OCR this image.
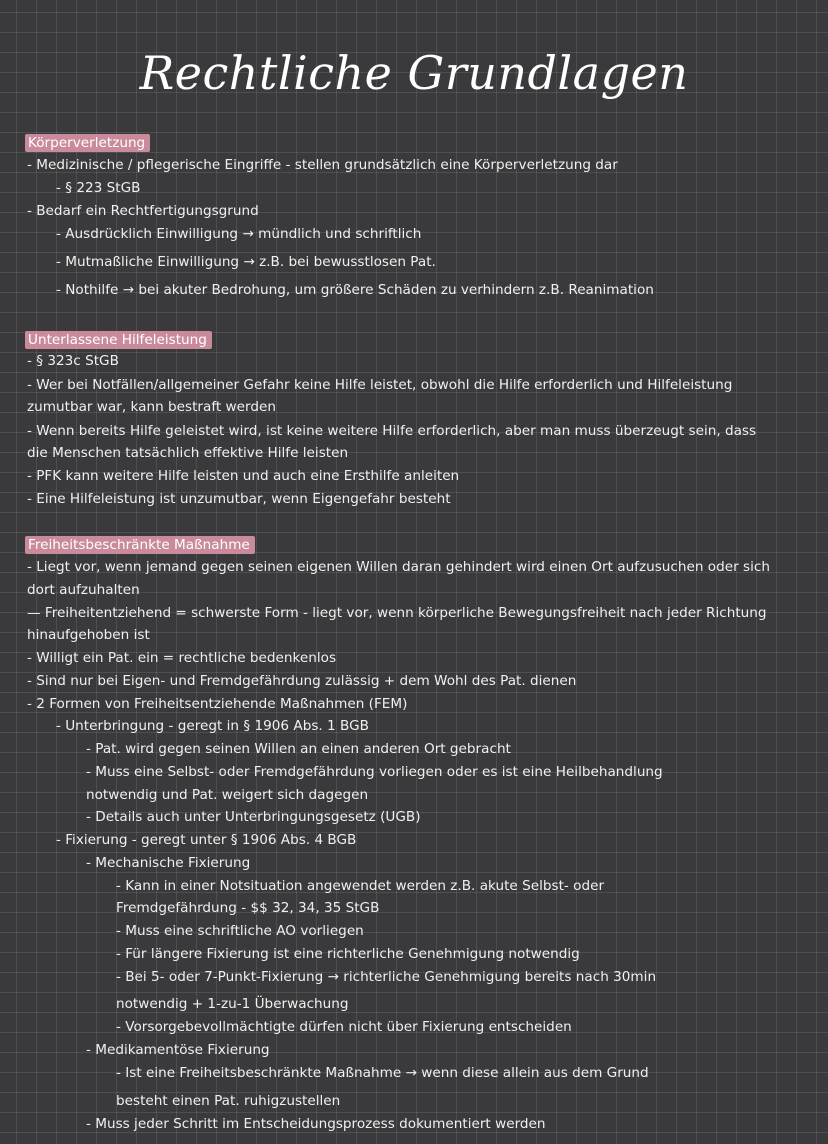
Rechtliche Grundlagen
Körperverletzung
- Medizinische / pflegerische Eingriffe - stellen grundsätzlich eine Körperverletzung dar
- § 223 StGB
- Bedarf ein Rechtfertigungsgrund
- Ausdrücklich Einwilligung → mündlich und schriftlich
- Mutmaßliche Einwilligung → z.B. bei bewusstlosen Pat.
- Nothilfe → bei akuter Bedrohung, um größere Schäden zu verhindern z.B. Reanimation
Unterlassene Hilfeleistung
- § 323c StGB
- Wer bei Notfällen/allgemeiner Gefahr keine Hilfe leistet, obwohl die Hilfe erforderlich und Hilfeleistung
zumutbar war, kann bestraft werden
- Wenn bereits Hilfe geleistet wird, ist keine weitere Hilfe erforderlich, aber man muss überzeugt sein, dass
die Menschen tatsächlich effektive Hilfe leisten
- PFK kann weitere Hilfe leisten und auch eine Ersthilfe anleiten
- Eine Hilfeleistung ist unzumutbar, wenn Eigengefahr besteht
Freiheitsbeschränkte Maßnahme
- Liegt vor, wenn jemand gegen seinen eigenen Willen daran gehindert wird einen Ort aufzusuchen oder sich
dort aufzuhalten
— Freiheitentziehend = schwerste Form - liegt vor, wenn körperliche Bewegungsfreiheit nach jeder Richtung
hinaufgehoben ist
- Willigt ein Pat. ein = rechtliche bedenkenlos
- Sind nur bei Eigen- und Fremdgefährdung zulässig + dem Wohl des Pat. dienen
- 2 Formen von Freiheitsentziehende Maßnahmen (FEM)
- Unterbringung - geregt in § 1906 Abs. 1 BGB
- Pat. wird gegen seinen Willen an einen anderen Ort gebracht
- Muss eine Selbst- oder Fremdgefährdung vorliegen oder es ist eine Heilbehandlung
notwendig und Pat. weigert sich dagegen
- Details auch unter Unterbringungsgesetz (UGB)
- Fixierung - geregt unter § 1906 Abs. 4 BGB
- Mechanische Fixierung
- Kann in einer Notsituation angewendet werden z.B. akute Selbst- oder
Fremdgefährdung - $$ 32, 34, 35 StGB
- Muss eine schriftliche AO vorliegen
- Für längere Fixierung ist eine richterliche Genehmigung notwendig
- Bei 5- oder 7-Punkt-Fixierung → richterliche Genehmigung bereits nach 30min
notwendig + 1-zu-1 Überwachung
- Vorsorgebevollmächtigte dürfen nicht über Fixierung entscheiden
- Medikamentöse Fixierung
- Ist eine Freiheitsbeschränkte Maßnahme → wenn diese allein aus dem Grund
besteht einen Pat. ruhigzustellen
- Muss jeder Schritt im Entscheidungsprozess dokumentiert werden
